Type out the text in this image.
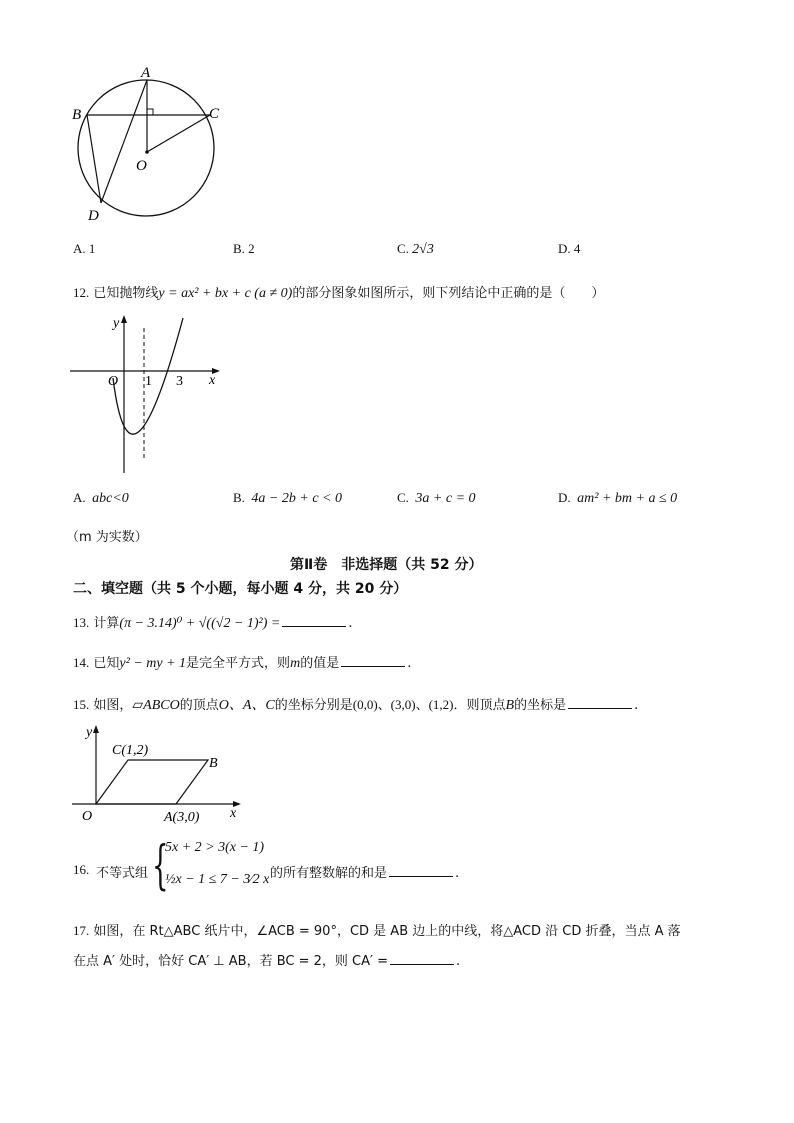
A
B	C
O
D
A. 1	B. 2	C. 2√3	D. 4
12. 已知抛物线y = ax² + bx + c (a ≠ 0)的部分图象如图所示，则下列结论中正确的是（　　）
y
x
O 1 3
A. abc<0	B. 4a − 2b + c < 0	C. 3a + c = 0	D. am² + bm + a ≤ 0
（m 为实数）
第Ⅱ卷　非选择题（共 52 分）
二、填空题（共 5 个小题，每小题 4 分，共 20 分）
13. 计算(π − 3.14)⁰ + √((√2 − 1)²) =	.
14. 已知y² − my + 1是完全平方式，则m的值是	.
15. 如图，▱ABCO的顶点O、A、C的坐标分别是(0,0)、(3,0)、(1,2)．则顶点B的坐标是	.
y
x
O
C(1,2)
B
A(3,0)
16. 不等式组 {
5x + 2 > 3(x − 1)
½x − 1 ≤ 7 − 3⁄2 x 的所有整数解的和是	.
17. 如图，在 Rt△ABC 纸片中，∠ACB = 90°，CD 是 AB 边上的中线，将△ACD 沿 CD 折叠，当点 A 落
在点 A′ 处时，恰好 CA′ ⊥ AB，若 BC = 2，则 CA′ =	.
